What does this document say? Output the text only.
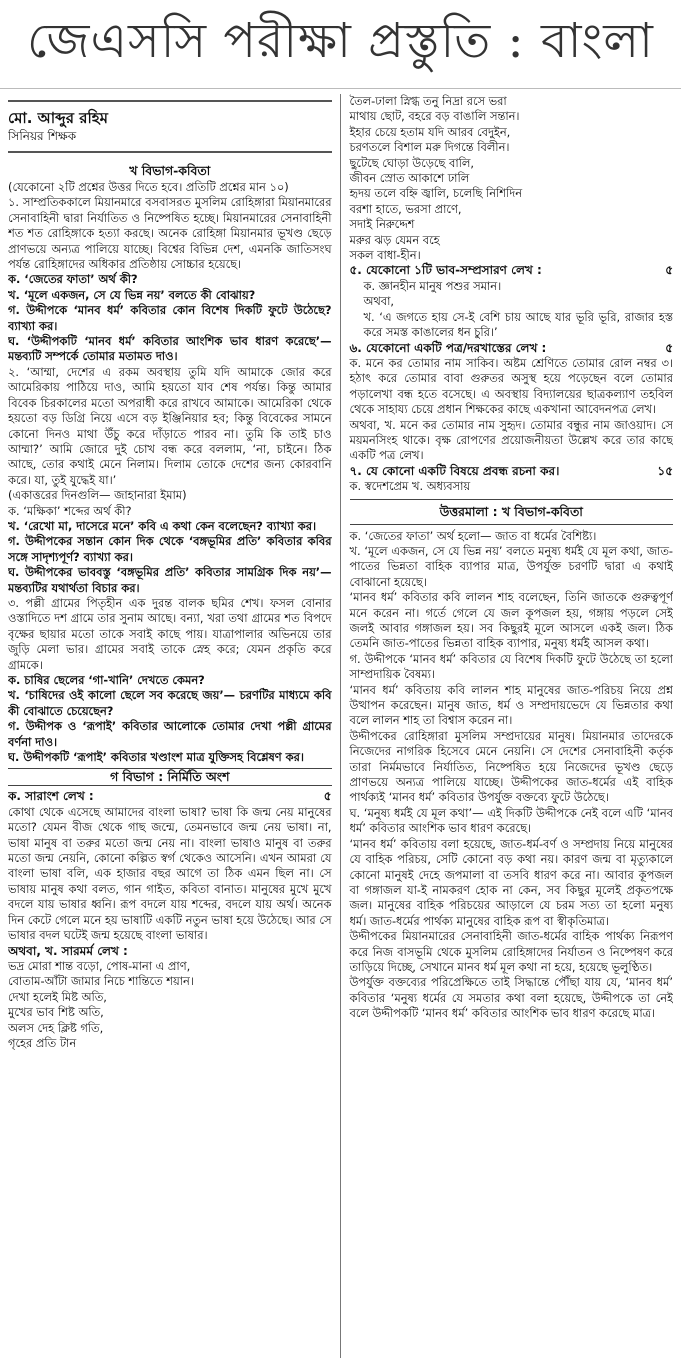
জেএসসি পরীক্ষা প্রস্তুতি : বাংলা
মো. আব্দুর রহিম
সিনিয়র শিক্ষক
খ বিভাগ-কবিতা

(যেকোনো ২টি প্রশ্নের উত্তর দিতে হবে। প্রতিটি প্রশ্নের মান ১০)

১. সাম্প্রতিককালে মিয়ানমারে বসবাসরত মুসলিম রোহিঙ্গারা মিয়ানমারের সেনাবাহিনী দ্বারা নির্যাতিত ও নিষ্পেষিত হচ্ছে। মিয়ানমারের সেনাবাহিনী শত শত রোহিঙ্গাকে হত্যা করছে। অনেক রোহিঙ্গা মিয়ানমার ভূখণ্ড ছেড়ে প্রাণভয়ে অন্যত্র পালিয়ে যাচ্ছে। বিশ্বের বিভিন্ন দেশ, এমনকি জাতিসংঘ পর্যন্ত রোহিঙ্গাদের অধিকার প্রতিষ্ঠায় সোচ্চার হয়েছে।

ক. ‘জেতের ফাতা’ অর্থ কী?

খ. ‘মূলে একজন, সে যে ভিন্ন নয়’ বলতে কী বোঝায়?

গ. উদ্দীপকে ‘মানব ধর্ম’ কবিতার কোন বিশেষ দিকটি ফুটে উঠেছে? ব্যাখ্যা কর।

ঘ. ‘উদ্দীপকটি ‘মানব ধর্ম’ কবিতার আংশিক ভাব ধারণ করেছে’— মন্তব্যটি সম্পর্কে তোমার মতামত দাও।

২. ‘আম্মা, দেশের এ রকম অবস্থায় তুমি যদি আমাকে জোর করে আমেরিকায় পাঠিয়ে দাও, আমি হয়তো যাব শেষ পর্যন্ত। কিন্তু আমার বিবেক চিরকালের মতো অপরাধী করে রাখবে আমাকে। আমেরিকা থেকে হয়তো বড় ডিগ্রি নিয়ে এসে বড় ইঞ্জিনিয়ার হব; কিন্তু বিবেকের সামনে কোনো দিনও মাথা উঁচু করে দাঁড়াতে পারব না। তুমি কি তাই চাও আম্মা?’ আমি জোরে দুই চোখ বন্ধ করে বললাম, ‘না, চাইনে। ঠিক আছে, তোর কথাই মেনে নিলাম। দিলাম তোকে দেশের জন্য কোরবানি করে। যা, তুই যুদ্ধেই যা।’

(একাত্তরের দিনগুলি— জাহানারা ইমাম)

ক. ‘মক্ষিকা’ শব্দের অর্থ কী?

খ. ‘রেখো মা, দাসেরে মনে’ কবি এ কথা কেন বলেছেন? ব্যাখ্যা কর।

গ. উদ্দীপকের সন্তান কোন দিক থেকে ‘বঙ্গভূমির প্রতি’ কবিতার কবির সঙ্গে সাদৃশ্যপূর্ণ? ব্যাখ্যা কর।

ঘ. উদ্দীপকের ভাববস্তু ‘বঙ্গভূমির প্রতি’ কবিতার সামগ্রিক দিক নয়’— মন্তব্যটির যথার্থতা বিচার কর।

৩. পল্লী গ্রামের পিতৃহীন এক দুরন্ত বালক ছমির শেখ। ফসল বোনার ওস্তাদিতে দশ গ্রামে তার সুনাম আছে। বন্যা, খরা তথা গ্রামের শত বিপদে বৃক্ষের ছায়ার মতো তাকে সবাই কাছে পায়। যাত্রাপালার অভিনয়ে তার জুড়ি মেলা ভার। গ্রামের সবাই তাকে স্নেহ করে; যেমন প্রকৃতি করে গ্রামকে।

ক. চাষির ছেলের ‘গা-খানি’ দেখতে কেমন?

খ. ‘চাষিদের ওই কালো ছেলে সব করেছে জয়’— চরণটির মাধ্যমে কবি কী বোঝাতে চেয়েছেন?

গ. উদ্দীপক ও ‘রূপাই’ কবিতার আলোকে তোমার দেখা পল্লী গ্রামের বর্ণনা দাও।

ঘ. উদ্দীপকটি ‘রূপাই’ কবিতার খণ্ডাংশ মাত্র যুক্তিসহ বিশ্লেষণ কর।

গ বিভাগ : নির্মিতি অংশ
ক. সারাংশ লেখ :	৫

কোথা থেকে এসেছে আমাদের বাংলা ভাষা? ভাষা কি জন্ম নেয় মানুষের মতো? যেমন বীজ থেকে গাছ জন্মে, তেমনভাবে জন্ম নেয় ভাষা। না, ভাষা মানুষ বা তরুর মতো জন্ম নেয় না। বাংলা ভাষাও মানুষ বা তরুর মতো জন্ম নেয়নি, কোনো কল্পিত স্বর্গ থেকেও আসেনি। এখন আমরা যে বাংলা ভাষা বলি, এক হাজার বছর আগে তা ঠিক এমন ছিল না। সে ভাষায় মানুষ কথা বলত, গান গাইত, কবিতা বানাত। মানুষের মুখে মুখে বদলে যায় ভাষার ধ্বনি। রূপ বদলে যায় শব্দের, বদলে যায় অর্থ। অনেক দিন কেটে গেলে মনে হয় ভাষাটি একটি নতুন ভাষা হয়ে উঠেছে। আর সে ভাষার বদল ঘটেই জন্ম হয়েছে বাংলা ভাষার।

অথবা, খ. সারমর্ম লেখ :

ভদ্র মোরা শান্ত বড়ো, পোষ-মানা এ প্রাণ,

বোতাম-আঁটা জামার নিচে শান্তিতে শয়ান।

দেখা হলেই মিষ্ট অতি,

মুখের ভাব শিষ্ট অতি,

অলস দেহ ক্লিষ্ট গতি,

গৃহের প্রতি টান

তৈল-ঢালা স্নিগ্ধ তনু নিদ্রা রসে ভরা

মাথায় ছোট, বহরে বড় বাঙালি সন্তান।

ইহার চেয়ে হতাম যদি আরব বেদুইন,

চরণতলে বিশাল মরু দিগন্তে বিলীন।

ছুটেছে ঘোড়া উড়েছে বালি,

জীবন স্রোত আকাশে ঢালি

হৃদয় তলে বহ্নি জ্বালি, চলেছি নিশিদিন

বরশা হাতে, ভরসা প্রাণে,

সদাই নিরুদ্দেশ

মরুর ঝড় যেমন বহে

সকল বাধা-হীন।

৫. যেকোনো ১টি ভাব-সম্প্রসারণ লেখ :	৫

ক. জ্ঞানহীন মানুষ পশুর সমান।

অথবা,

খ. ‘এ জগতে হায় সে-ই বেশি চায় আছে যার ভূরি ভূরি, রাজার হস্ত করে সমস্ত কাঙালের ধন চুরি।’

৬. যেকোনো একটি পত্র/দরখাস্তের লেখ :	৫

ক. মনে কর তোমার নাম সাকিব। অষ্টম শ্রেণিতে তোমার রোল নম্বর ৩। হঠাৎ করে তোমার বাবা গুরুতর অসুস্থ হয়ে পড়েছেন বলে তোমার পড়ালেখা বন্ধ হতে বসেছে। এ অবস্থায় বিদ্যালয়ের ছাত্রকল্যাণ তহবিল থেকে সাহায্য চেয়ে প্রধান শিক্ষকের কাছে একখানা আবেদনপত্র লেখ।

অথবা, খ. মনে কর তোমার নাম সুহৃদ। তোমার বন্ধুর নাম জাওয়াদ। সে ময়মনসিংহ থাকে। বৃক্ষ রোপণের প্রয়োজনীয়তা উল্লেখ করে তার কাছে একটি পত্র লেখ।

৭. যে কোনো একটি বিষয়ে প্রবন্ধ রচনা কর।	১৫

ক. স্বদেশপ্রেম খ. অধ্যবসায়

উত্তরমালা : খ বিভাগ-কবিতা

ক. ‘জেতের ফাতা’ অর্থ হলো— জাত বা ধর্মের বৈশিষ্ট্য।

খ. ‘মূলে একজন, সে যে ভিন্ন নয়’ বলতে মনুষ্য ধর্মই যে মূল কথা, জাত-পাতের ভিন্নতা বাহিক ব্যাপার মাত্র, উপর্যুক্ত চরণটি দ্বারা এ কথাই বোঝানো হয়েছে।

‘মানব ধর্ম’ কবিতার কবি লালন শাহ বলেছেন, তিনি জাতকে গুরুত্বপূর্ণ মনে করেন না। গর্তে গেলে যে জল কূপজল হয়, গঙ্গায় পড়লে সেই জলই আবার গঙ্গাজল হয়। সব কিছুরই মূলে আসলে একই জল। ঠিক তেমনি জাত-পাতের ভিন্নতা বাহিক ব্যাপার, মনুষ্য ধর্মই আসল কথা।

গ. উদ্দীপকে ‘মানব ধর্ম’ কবিতার যে বিশেষ দিকটি ফুটে উঠেছে তা হলো সাম্প্রদায়িক বৈষম্য।

‘মানব ধর্ম’ কবিতায় কবি লালন শাহ মানুষের জাত-পরিচয় নিয়ে প্রশ্ন উত্থাপন করেছেন। মানুষ জাত, ধর্ম ও সম্প্রদায়ভেদে যে ভিন্নতার কথা বলে লালন শাহ তা বিশ্বাস করেন না।

উদ্দীপকের রোহিঙ্গারা মুসলিম সম্প্রদায়ের মানুষ। মিয়ানমার তাদেরকে নিজেদের নাগরিক হিসেবে মেনে নেয়নি। সে দেশের সেনাবাহিনী কর্তৃক তারা নির্মমভাবে নির্যাতিত, নিষ্পেষিত হয়ে নিজেদের ভূখণ্ড ছেড়ে প্রাণভয়ে অন্যত্র পালিয়ে যাচ্ছে। উদ্দীপকের জাত-ধর্মের এই বাহিক পার্থক্যই ‘মানব ধর্ম’ কবিতার উপর্যুক্ত বক্তব্যে ফুটে উঠেছে।

ঘ. ‘মনুষ্য ধর্মই যে মূল কথা’— এই দিকটি উদ্দীপকে নেই বলে এটি ‘মানব ধর্ম’ কবিতার আংশিক ভাব ধারণ করেছে।

‘মানব ধর্ম’ কবিতায় বলা হয়েছে, জাত-ধর্ম-বর্ণ ও সম্প্রদায় নিয়ে মানুষের যে বাহিক পরিচয়, সেটি কোনো বড় কথা নয়। কারণ জন্ম বা মৃত্যুকালে কোনো মানুষই দেহে জপমালা বা তসবি ধারণ করে না। আবার কূপজল বা গঙ্গাজল যা-ই নামকরণ হোক না কেন, সব কিছুর মূলেই প্রকৃতপক্ষে জল। মানুষের বাহিক পরিচয়ের আড়ালে যে চরম সত্য তা হলো মনুষ্য ধর্ম। জাত-ধর্মের পার্থক্য মানুষের বাহিক রূপ বা স্বীকৃতিমাত্র।

উদ্দীপকের মিয়ানমারের সেনাবাহিনী জাত-ধর্মের বাহিক পার্থক্য নিরূপণ করে নিজ বাসভূমি থেকে মুসলিম রোহিঙ্গাদের নির্যাতন ও নিষ্পেষণ করে তাড়িয়ে দিচ্ছে, সেখানে মানব ধর্ম মূল কথা না হয়ে, হয়েছে ভূলুণ্ঠিত।

উপর্যুক্ত বক্তব্যের পরিপ্রেক্ষিতে তাই সিদ্ধান্তে পৌঁছা যায় যে, ‘মানব ধর্ম’ কবিতার ‘মনুষ্য ধর্মের যে সমতার কথা বলা হয়েছে, উদ্দীপকে তা নেই বলে উদ্দীপকটি ‘মানব ধর্ম’ কবিতার আংশিক ভাব ধারণ করেছে মাত্র।
